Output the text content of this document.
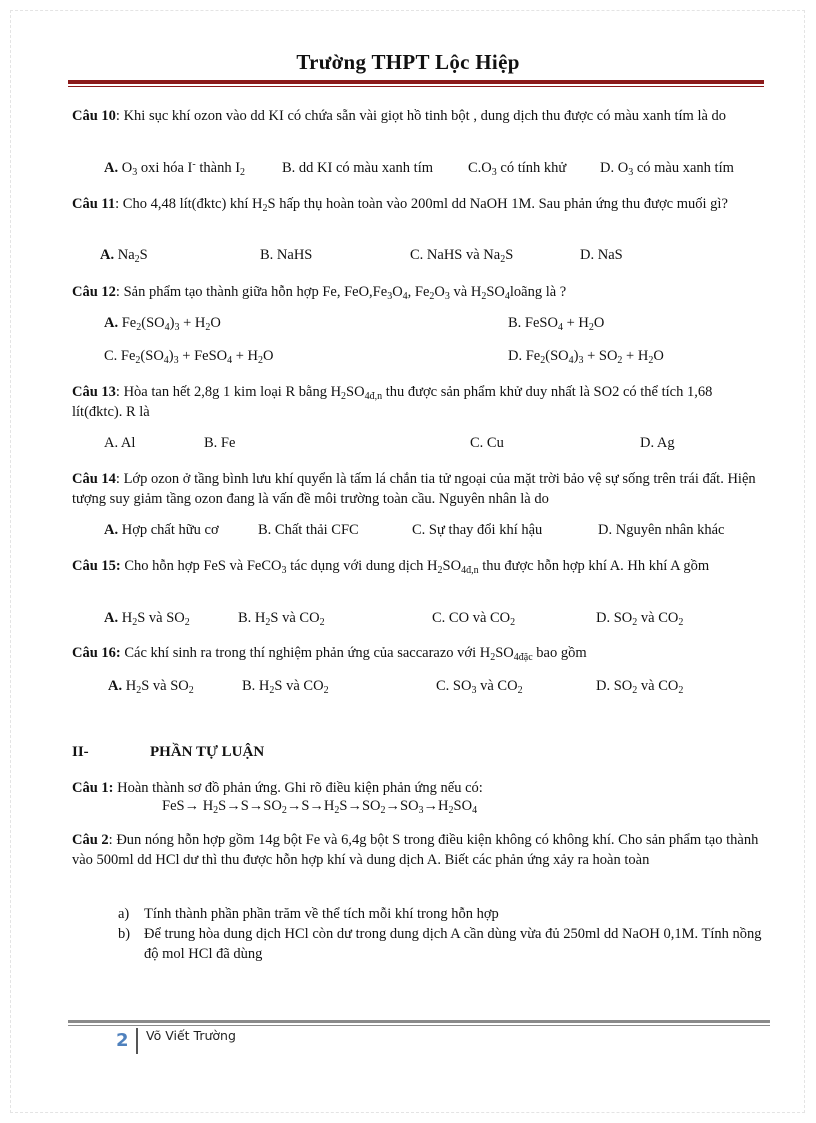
Trường THPT Lộc Hiệp
Câu 10: Khi sục khí ozon vào dd KI có chứa sẵn vài giọt hồ tinh bột , dung dịch thu được có màu xanh tím là do
A. $O_3$ oxi hóa I- thành $I_2$	B. dd KI có màu xanh tím $C.O_3$ có tính khử D. $O_3$ có màu xanh tím
Câu 11: Cho 4,48 lít(đktc) khí $H_2S$ hấp thụ hoàn toàn vào 200ml dd NaOH 1M. Sau phản ứng thu được muối gì?
A. $Na_2S$	B. NaHS	C. NaHS và $Na_2S$	D. NaS
Câu 12: Sản phẩm tạo thành giữa hỗn hợp Fe, $FeO,Fe_3O_4$, $Fe_2O_3$ và $H_2SO_4loãng$ là ?
A. $Fe_2(SO_4)_3 + H_2O$	B. FeSO$_4$ + $H_2O$
C. $Fe_2(SO_4)_3$ + FeSO$_4$ + $H_2O$	D. $Fe_2(SO_4)_3 + SO_2 + H_2O$
Câu 13: Hòa tan hết 2,8g 1 kim loại R bằng $H_2SO_{4đ,n}$ thu được sản phẩm khử duy nhất là SO2 có thể tích 1,68 lít(đktc). R là
A. Al	B. Fe	C. Cu	D. Ag
Câu 14: Lớp ozon ở tầng bình lưu khí quyển là tấm lá chắn tia tử ngoại của mặt trời bảo vệ sự sống trên trái đất. Hiện tượng suy giảm tầng ozon đang là vấn đề môi trường toàn cầu. Nguyên nhân là do
A. Hợp chất hữu cơ	B. Chất thải CFC	C. Sự thay đổi khí hậu	D. Nguyên nhân khác
Câu 15: Cho hỗn hợp FeS và FeCO$_3$ tác dụng với dung dịch $H_2SO_{4đ,n}$ thu được hỗn hợp khí A. Hh khí A gồm
A. $H_2S$ và $SO_2$	B. $H_2S$ và $CO_2$	C. CO và $CO_2$	D. $SO_2$ và $CO_2$
Câu 16: Các khí sinh ra trong thí nghiệm phản ứng của saccarazo với $H_2SO_{4đặc}$ bao gồm
A. $H_2S$ và $SO_2$	B. $H_2S$ và $CO_2$	C. $SO_3$ và $CO_2$	D. $SO_2$ và $CO_2$
II-	PHẦN TỰ LUẬN
Câu 1: Hoàn thành sơ đồ phản ứng. Ghi rõ điều kiện phản ứng nếu có:
$FeS\to H_2S\to S\to SO_2\to S\to H_2S\to SO_2\to SO_3\to H_2SO_4$
Câu 2: Đun nóng hỗn hợp gồm 14g bột Fe và 6,4g bột S trong điều kiện không có không khí. Cho sản phẩm tạo thành vào 500ml dd HCl dư thì thu được hỗn hợp khí và dung dịch A. Biết các phản ứng xảy ra hoàn toàn
a) Tính thành phần phần trăm về thể tích mỗi khí trong hỗn hợp
b) Để trung hòa dung dịch HCl còn dư trong dung dịch A cần dùng vừa đủ 250ml dd NaOH 0,1M. Tính nồng độ mol HCl đã dùng
2 Võ Viết Trường
